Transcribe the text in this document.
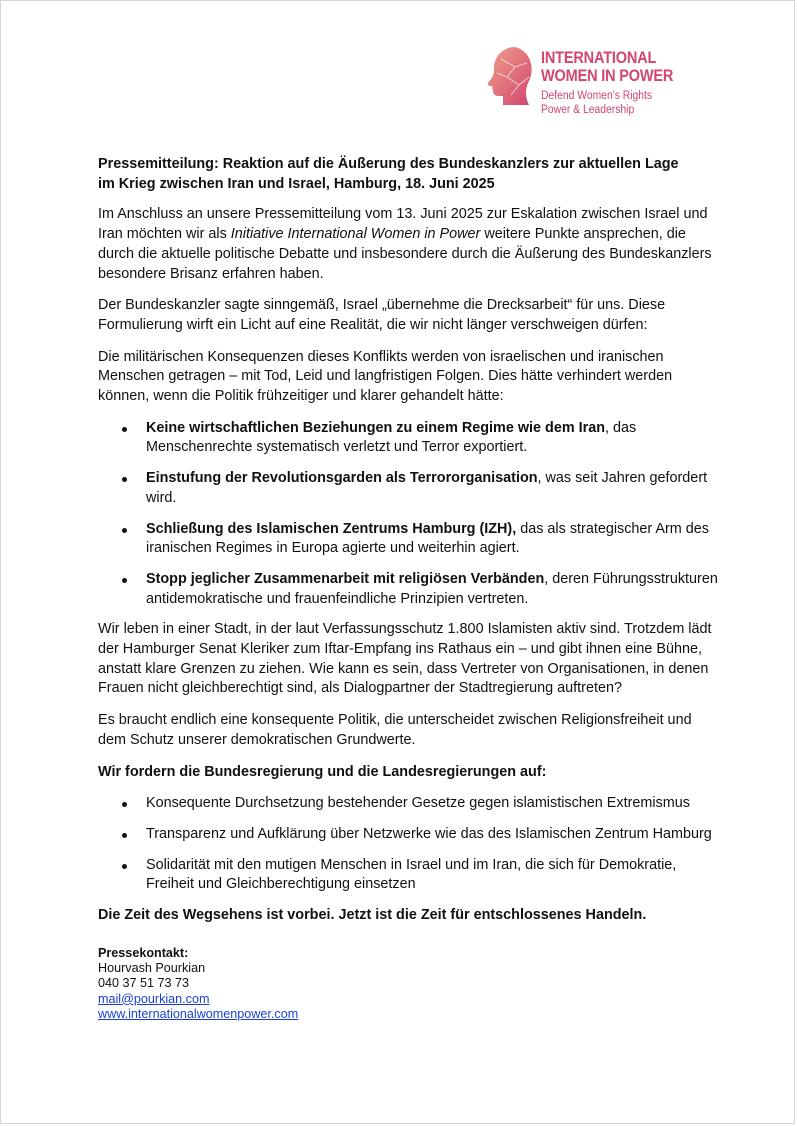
INTERNATIONAL
WOMEN IN POWER
Defend Women's Rights
Power & Leadership

Pressemitteilung: Reaktion auf die Äußerung des Bundeskanzlers zur aktuellen Lage
im Krieg zwischen Iran und Israel, Hamburg, 18. Juni 2025

Im Anschluss an unsere Pressemitteilung vom 13. Juni 2025 zur Eskalation zwischen Israel und Iran möchten wir als Initiative International Women in Power weitere Punkte ansprechen, die durch die aktuelle politische Debatte und insbesondere durch die Äußerung des Bundeskanzlers besondere Brisanz erfahren haben.

Der Bundeskanzler sagte sinngemäß, Israel „übernehme die Drecksarbeit“ für uns. Diese Formulierung wirft ein Licht auf eine Realität, die wir nicht länger verschweigen dürfen:

Die militärischen Konsequenzen dieses Konflikts werden von israelischen und iranischen Menschen getragen – mit Tod, Leid und langfristigen Folgen. Dies hätte verhindert werden können, wenn die Politik frühzeitiger und klarer gehandelt hätte:

Keine wirtschaftlichen Beziehungen zu einem Regime wie dem Iran, das Menschenrechte systematisch verletzt und Terror exportiert.
Einstufung der Revolutionsgarden als Terrororganisation, was seit Jahren gefordert wird.
Schließung des Islamischen Zentrums Hamburg (IZH), das als strategischer Arm des iranischen Regimes in Europa agierte und weiterhin agiert.
Stopp jeglicher Zusammenarbeit mit religiösen Verbänden, deren Führungsstrukturen antidemokratische und frauenfeindliche Prinzipien vertreten.

Wir leben in einer Stadt, in der laut Verfassungsschutz 1.800 Islamisten aktiv sind. Trotzdem lädt der Hamburger Senat Kleriker zum Iftar-Empfang ins Rathaus ein – und gibt ihnen eine Bühne, anstatt klare Grenzen zu ziehen. Wie kann es sein, dass Vertreter von Organisationen, in denen Frauen nicht gleichberechtigt sind, als Dialogpartner der Stadtregierung auftreten?

Es braucht endlich eine konsequente Politik, die unterscheidet zwischen Religionsfreiheit und dem Schutz unserer demokratischen Grundwerte.

Wir fordern die Bundesregierung und die Landesregierungen auf:

Konsequente Durchsetzung bestehender Gesetze gegen islamistischen Extremismus
Transparenz und Aufklärung über Netzwerke wie das des Islamischen Zentrum Hamburg
Solidarität mit den mutigen Menschen in Israel und im Iran, die sich für Demokratie, Freiheit und Gleichberechtigung einsetzen

Die Zeit des Wegsehens ist vorbei. Jetzt ist die Zeit für entschlossenes Handeln.

Pressekontakt:
Hourvash Pourkian
040 37 51 73 73
mail@pourkian.com
www.internationalwomenpower.com
